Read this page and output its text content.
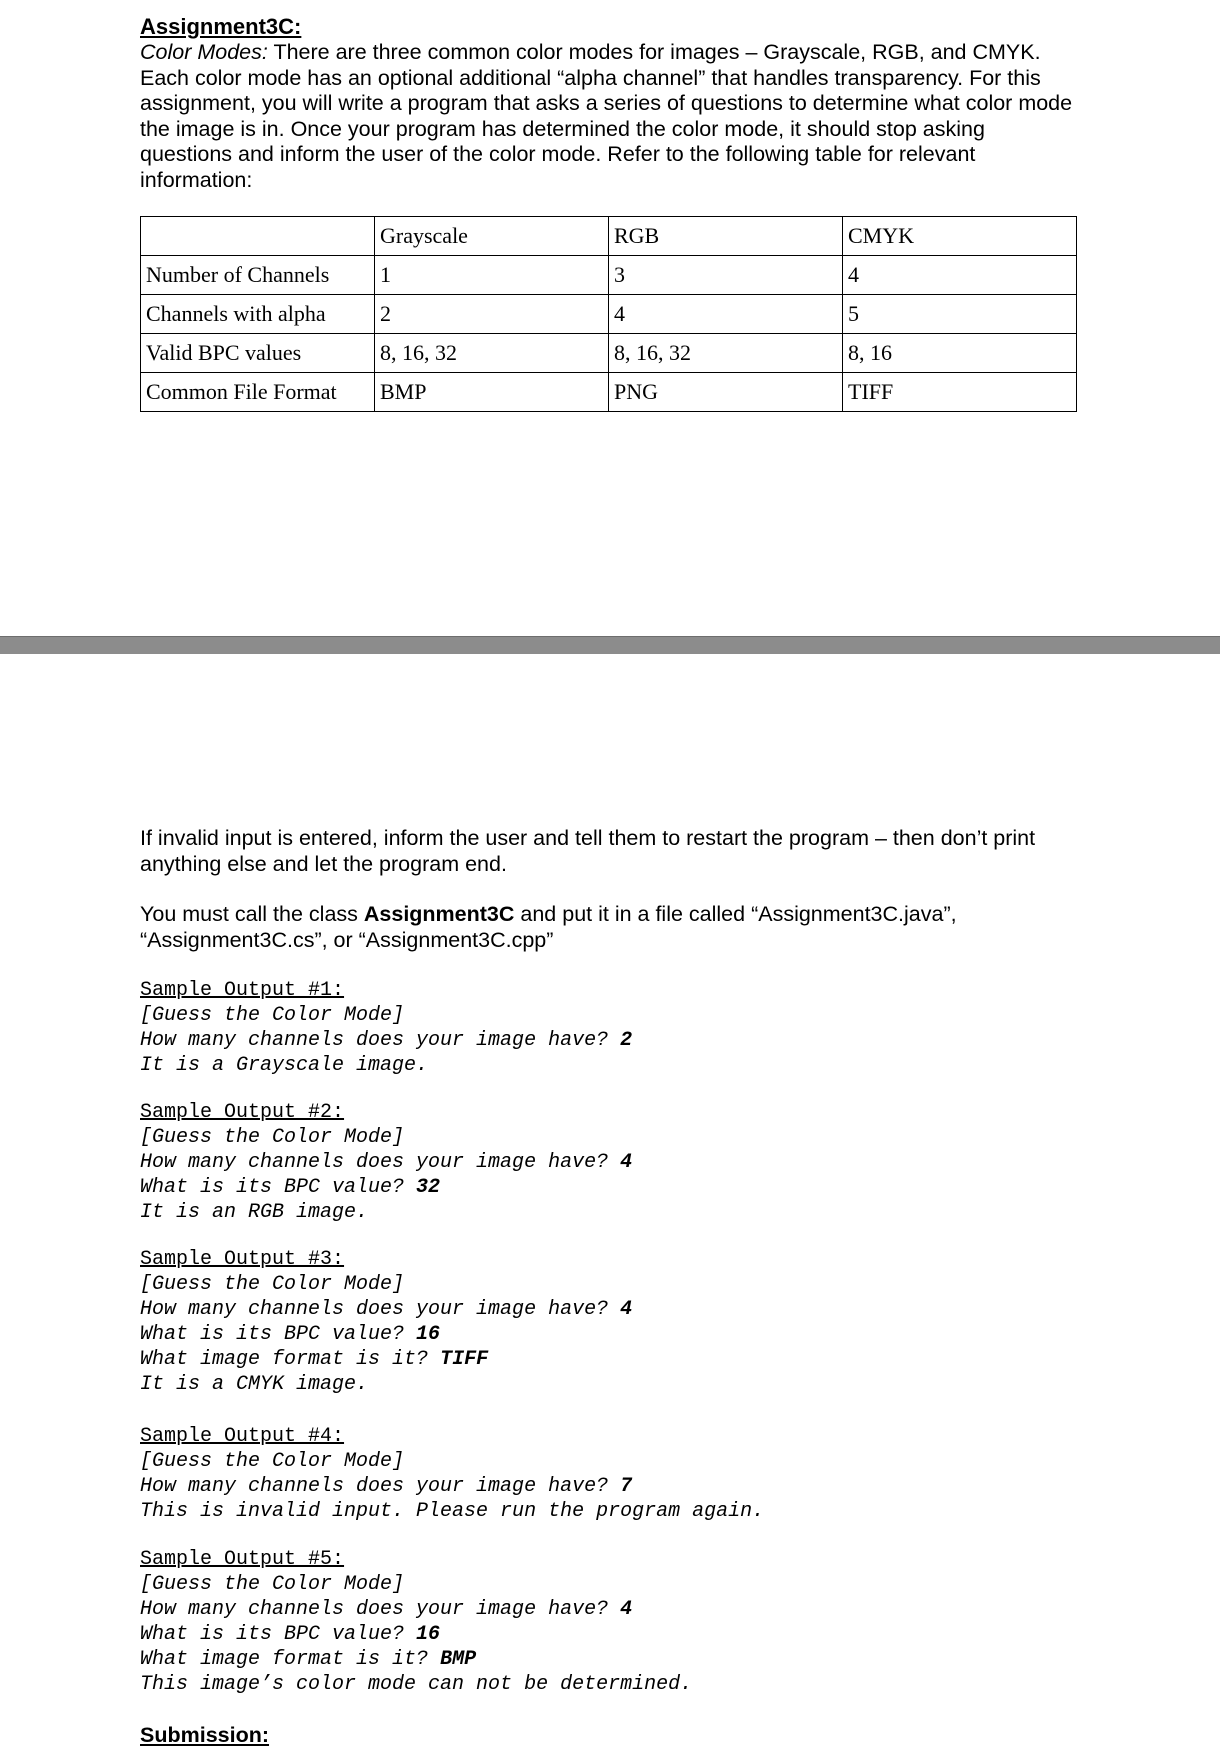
Assignment3C:
Color Modes: There are three common color modes for images – Grayscale, RGB, and CMYK. Each color mode has an optional additional “alpha channel” that handles transparency. For this assignment, you will write a program that asks a series of questions to determine what color mode the image is in. Once your program has determined the color mode, it should stop asking questions and inform the user of the color mode. Refer to the following table for relevant information:
	Grayscale	RGB	CMYK
Number of Channels	1	3	4
Channels with alpha	2	4	5
Valid BPC values	8, 16, 32	8, 16, 32	8, 16
Common File Format	BMP	PNG	TIFF
If invalid input is entered, inform the user and tell them to restart the program – then don’t print anything else and let the program end.
You must call the class Assignment3C and put it in a file called “Assignment3C.java”, “Assignment3C.cs”, or “Assignment3C.cpp”
Sample Output #1:
[Guess the Color Mode]
How many channels does your image have? 2
It is a Grayscale image.
Sample Output #2:
[Guess the Color Mode]
How many channels does your image have? 4
What is its BPC value? 32
It is an RGB image.
Sample Output #3:
[Guess the Color Mode]
How many channels does your image have? 4
What is its BPC value? 16
What image format is it? TIFF
It is a CMYK image.
Sample Output #4:
[Guess the Color Mode]
How many channels does your image have? 7
This is invalid input. Please run the program again.
Sample Output #5:
[Guess the Color Mode]
How many channels does your image have? 4
What is its BPC value? 16
What image format is it? BMP
This image’s color mode can not be determined.
Submission:
